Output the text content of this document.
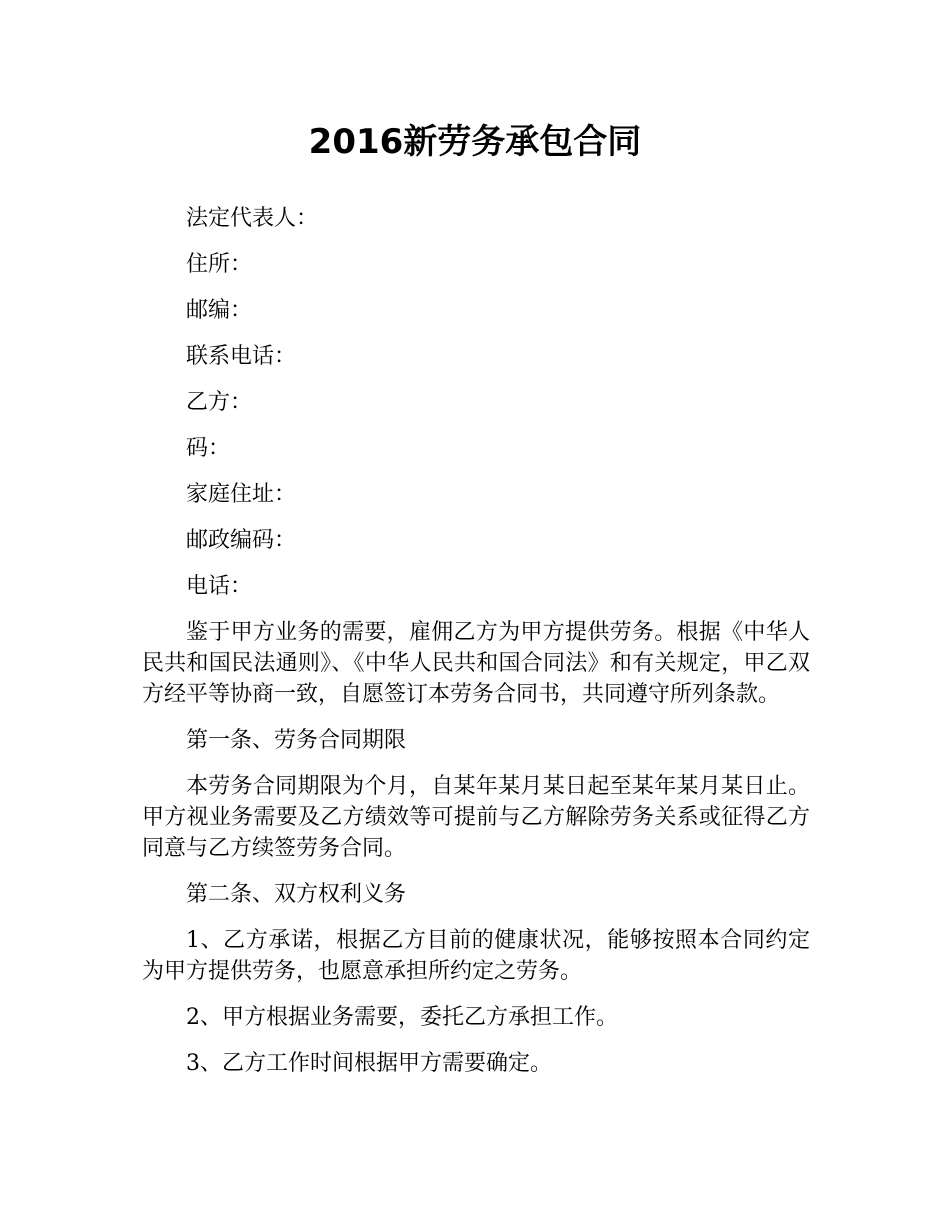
2016新劳务承包合同
法定代表人：
住所：
邮编：
联系电话：
乙方：
码：
家庭住址：
邮政编码：
电话：
鉴于甲方业务的需要，雇佣乙方为甲方提供劳务。根据《中华人民共和国民法通则》、《中华人民共和国合同法》和有关规定，甲乙双方经平等协商一致，自愿签订本劳务合同书，共同遵守所列条款。
第一条、劳务合同期限
本劳务合同期限为个月，自某年某月某日起至某年某月某日止。甲方视业务需要及乙方绩效等可提前与乙方解除劳务关系或征得乙方同意与乙方续签劳务合同。
第二条、双方权利义务
1、乙方承诺，根据乙方目前的健康状况，能够按照本合同约定为甲方提供劳务，也愿意承担所约定之劳务。
2、甲方根据业务需要，委托乙方承担工作。
3、乙方工作时间根据甲方需要确定。
